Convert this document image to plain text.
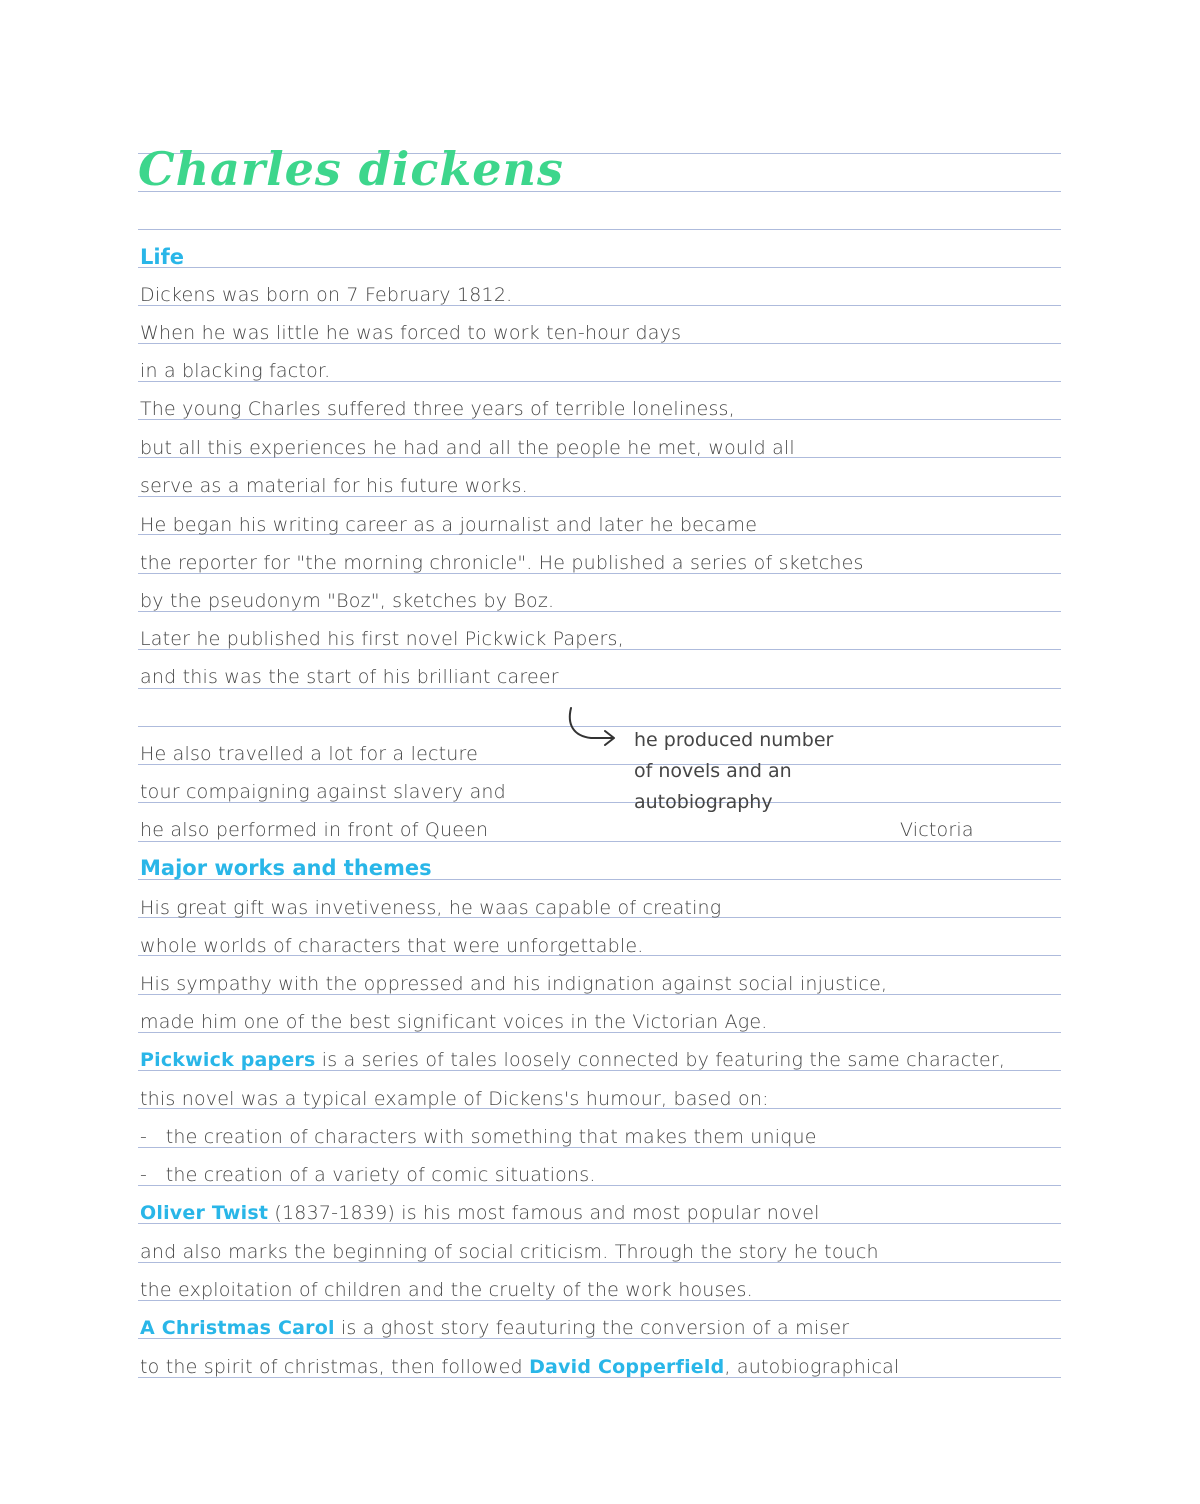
Charles dickens
Life
Dickens was born on 7 February 1812.
When he was little he was forced to work ten-hour days
in a blacking factor.
The young Charles suffered three years of terrible loneliness,
but all this experiences he had and all the people he met, would all
serve as a material for his future works.
He began his writing career as a journalist and later he became
the reporter for "the morning chronicle". He published a series of sketches
by the pseudonym "Boz", sketches by Boz.
Later he published his first novel Pickwick Papers,
and this was the start of his brilliant career
he produced number
of novels and an
autobiography
He also travelled a lot for a lecture
tour compaigning against slavery and
he also performed in front of Queen	Victoria
Major works and themes
His great gift was invetiveness, he waas capable of creating
whole worlds of characters that were unforgettable.
His sympathy with the oppressed and his indignation against social injustice,
made him one of the best significant voices in the Victorian Age.
Pickwick papers is a series of tales loosely connected by featuring the same character,
this novel was a typical example of Dickens's humour, based on:
-   the creation of characters with something that makes them unique
-   the creation of a variety of comic situations.
Oliver Twist (1837-1839) is his most famous and most popular novel
and also marks the beginning of social criticism. Through the story he touch
the exploitation of children and the cruelty of the work houses.
A Christmas Carol is a ghost story feauturing the conversion of a miser
to the spirit of christmas, then followed David Copperfield, autobiographical
